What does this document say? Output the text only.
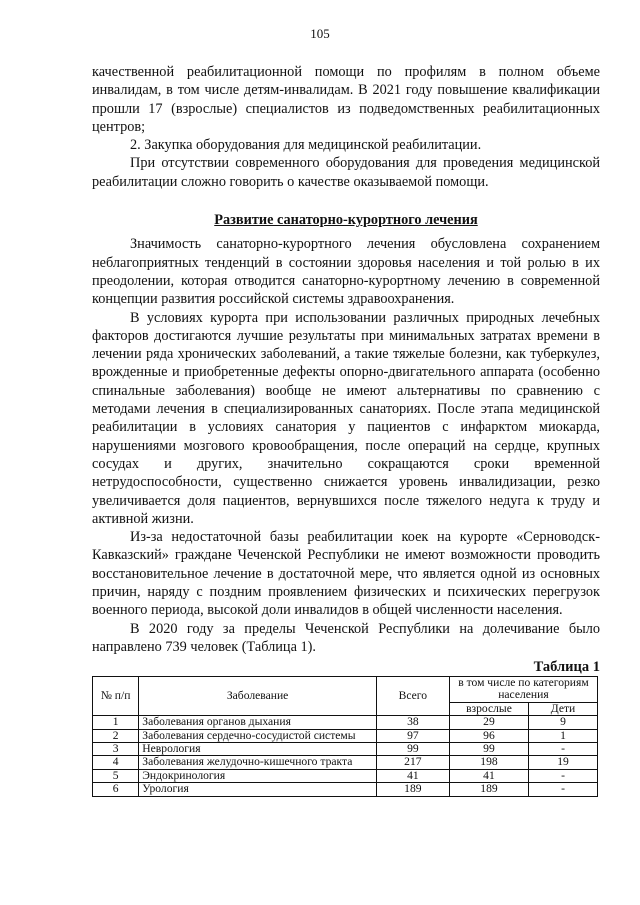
105

качественной реабилитационной помощи по профилям в полном объеме инвалидам, в том числе детям-инвалидам. В 2021 году повышение квалификации прошли 17 (взрослые) специалистов из подведомственных реабилитационных центров;

2. Закупка оборудования для медицинской реабилитации.

При отсутствии современного оборудования для проведения медицинской реабилитации сложно говорить о качестве оказываемой помощи.

Развитие санаторно-курортного лечения

Значимость санаторно-курортного лечения обусловлена сохранением неблагоприятных тенденций в состоянии здоровья населения и той ролью в их преодолении, которая отводится санаторно-курортному лечению в современной концепции развития российской системы здравоохранения.

В условиях курорта при использовании различных природных лечебных факторов достигаются лучшие результаты при минимальных затратах времени в лечении ряда хронических заболеваний, а такие тяжелые болезни, как туберкулез, врожденные и приобретенные дефекты опорно-двигательного аппарата (особенно спинальные заболевания) вообще не имеют альтернативы по сравнению с методами лечения в специализированных санаториях. После этапа медицинской реабилитации в условиях санатория у пациентов с инфарктом миокарда, нарушениями мозгового кровообращения, после операций на сердце, крупных сосудах и других, значительно сокращаются сроки временной нетрудоспособности, существенно снижается уровень инвалидизации, резко увеличивается доля пациентов, вернувшихся после тяжелого недуга к труду и активной жизни.

Из-за недостаточной базы реабилитации коек на курорте «Серноводск-Кавказский» граждане Чеченской Республики не имеют возможности проводить восстановительное лечение в достаточной мере, что является одной из основных причин, наряду с поздним проявлением физических и психических перегрузок военного периода, высокой доли инвалидов в общей численности населения.

В 2020 году за пределы Чеченской Республики на долечивание было направлено 739 человек (Таблица 1).

Таблица 1
№ п/п	Заболевание	Всего	в том числе по категориям населения	
			взрослые	Дети
1	Заболевания органов дыхания	38	29	9
2	Заболевания сердечно-сосудистой системы	97	96	1
3	Неврология	99	99	-
4	Заболевания желудочно-кишечного тракта	217	198	19
5	Эндокринология	41	41	-
6	Урология	189	189	-
